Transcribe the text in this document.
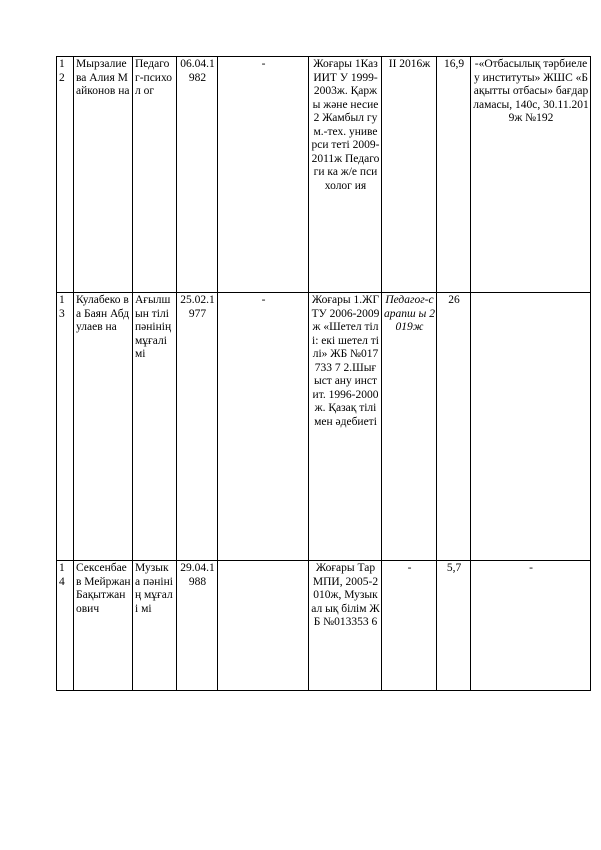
1 2	Мырзалие ва Алия Майконов на	Педаго г-психол ог	06.04.1 982	-	Жоғары 1КазИИТ У 1999-2003ж. Қаржы және несие 2 Жамбыл гум.-тех. универси теті 2009-2011ж Педагоги ка ж/е психолог ия	II 2016ж	16,9	-«Отбасылық тәрбиелеу институты» ЖШС «Бақытты отбасы» бағдарламасы, 140с, 30.11.2019ж №192
1 3	Кулабеко ва Баян Абдулаев на	Ағылш ын тілі пәнінің мұғалі мі	25.02.1 977	-	Жоғары 1.ЖГТУ 2006-2009ж «Шетел тілі: екі шетел тілі» ЖБ №017733 7 2.Шығыст ану инстит. 1996-2000ж. Қазақ тілі мен әдебиеті	Педагог-сарапш ы 2019ж	26	
1 4	Сексенбае в Мейржан Бақытжан ович	Музык а пәнінің мұғалі мі	29.04.1 988		Жоғары ТарМПИ, 2005-2010ж, Музыкал ық білім ЖБ №013353 6	-	5,7	-
